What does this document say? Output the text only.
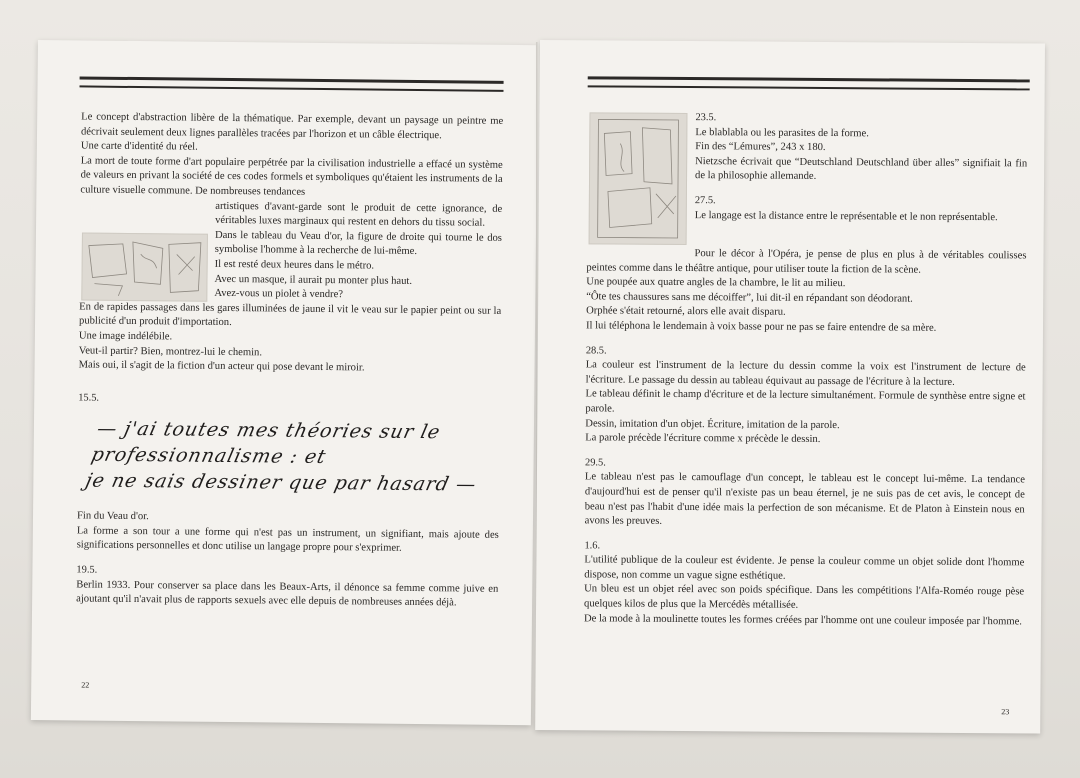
Le concept d'abstraction libère de la thématique. Par exemple, devant un paysage un peintre me décrivait seulement deux lignes parallèles tracées par l'horizon et un câble électrique.

Une carte d'identité du réel.

La mort de toute forme d'art populaire perpétrée par la civilisation industrielle a effacé un système de valeurs en privant la société de ces codes formels et symboliques qu'étaient les instruments de la culture visuelle commune. De nombreuses tendances

artistiques d'avant-garde sont le produit de cette ignorance, de véritables luxes marginaux qui restent en dehors du tissu social.

Dans le tableau du Veau d'or, la figure de droite qui tourne le dos symbolise l'homme à la recherche de lui-même.

Il est resté deux heures dans le métro.

Avec un masque, il aurait pu monter plus haut.

Avez-vous un piolet à vendre?

En de rapides passages dans les gares illuminées de jaune il vit le veau sur le papier peint ou sur la publicité d'un produit d'importation.

Une image indélébile.

Veut-il partir? Bien, montrez-lui le chemin.

Mais oui, il s'agit de la fiction d'un acteur qui pose devant le miroir.

15.5.

— j'ai toutes mes théories sur le professionnalisme : et
je ne sais dessiner que par hasard —

Fin du Veau d'or.

La forme a son tour a une forme qui n'est pas un instrument, un signifiant, mais ajoute des significations personnelles et donc utilise un langage propre pour s'exprimer.

19.5.

Berlin 1933. Pour conserver sa place dans les Beaux-Arts, il dénonce sa femme comme juive en ajoutant qu'il n'avait plus de rapports sexuels avec elle depuis de nombreuses années déjà.

22

23.5.

Le blablabla ou les parasites de la forme.

Fin des “Lémures”, 243 x 180.

Nietzsche écrivait que “Deutschland Deutschland über alles” signifiait la fin de la philosophie allemande.

27.5.

Le langage est la distance entre le représentable et le non représentable.

Pour le décor à l'Opéra, je pense de plus en plus à de véritables coulisses peintes comme dans le théâtre antique, pour utiliser toute la fiction de la scène.

Une poupée aux quatre angles de la chambre, le lit au milieu.

“Ôte tes chaussures sans me décoiffer”, lui dit-il en répandant son déodorant.

Orphée s'était retourné, alors elle avait disparu.

Il lui téléphona le lendemain à voix basse pour ne pas se faire entendre de sa mère.

28.5.

La couleur est l'instrument de la lecture du dessin comme la voix est l'instrument de lecture de l'écriture. Le passage du dessin au tableau équivaut au passage de l'écriture à la lecture.

Le tableau définit le champ d'écriture et de la lecture simultanément. Formule de synthèse entre signe et parole.

Dessin, imitation d'un objet. Écriture, imitation de la parole.

La parole précède l'écriture comme x précède le dessin.

29.5.

Le tableau n'est pas le camouflage d'un concept, le tableau est le concept lui-même. La tendance d'aujourd'hui est de penser qu'il n'existe pas un beau éternel, je ne suis pas de cet avis, le concept de beau n'est pas l'habit d'une idée mais la perfection de son mécanisme. Et de Platon à Einstein nous en avons les preuves.

1.6.

L'utilité publique de la couleur est évidente. Je pense la couleur comme un objet solide dont l'homme dispose, non comme un vague signe esthétique.

Un bleu est un objet réel avec son poids spécifique. Dans les compétitions l'Alfa-Roméo rouge pèse quelques kilos de plus que la Mercédès métallisée.

De la mode à la moulinette toutes les formes créées par l'homme ont une couleur imposée par l'homme.

23
